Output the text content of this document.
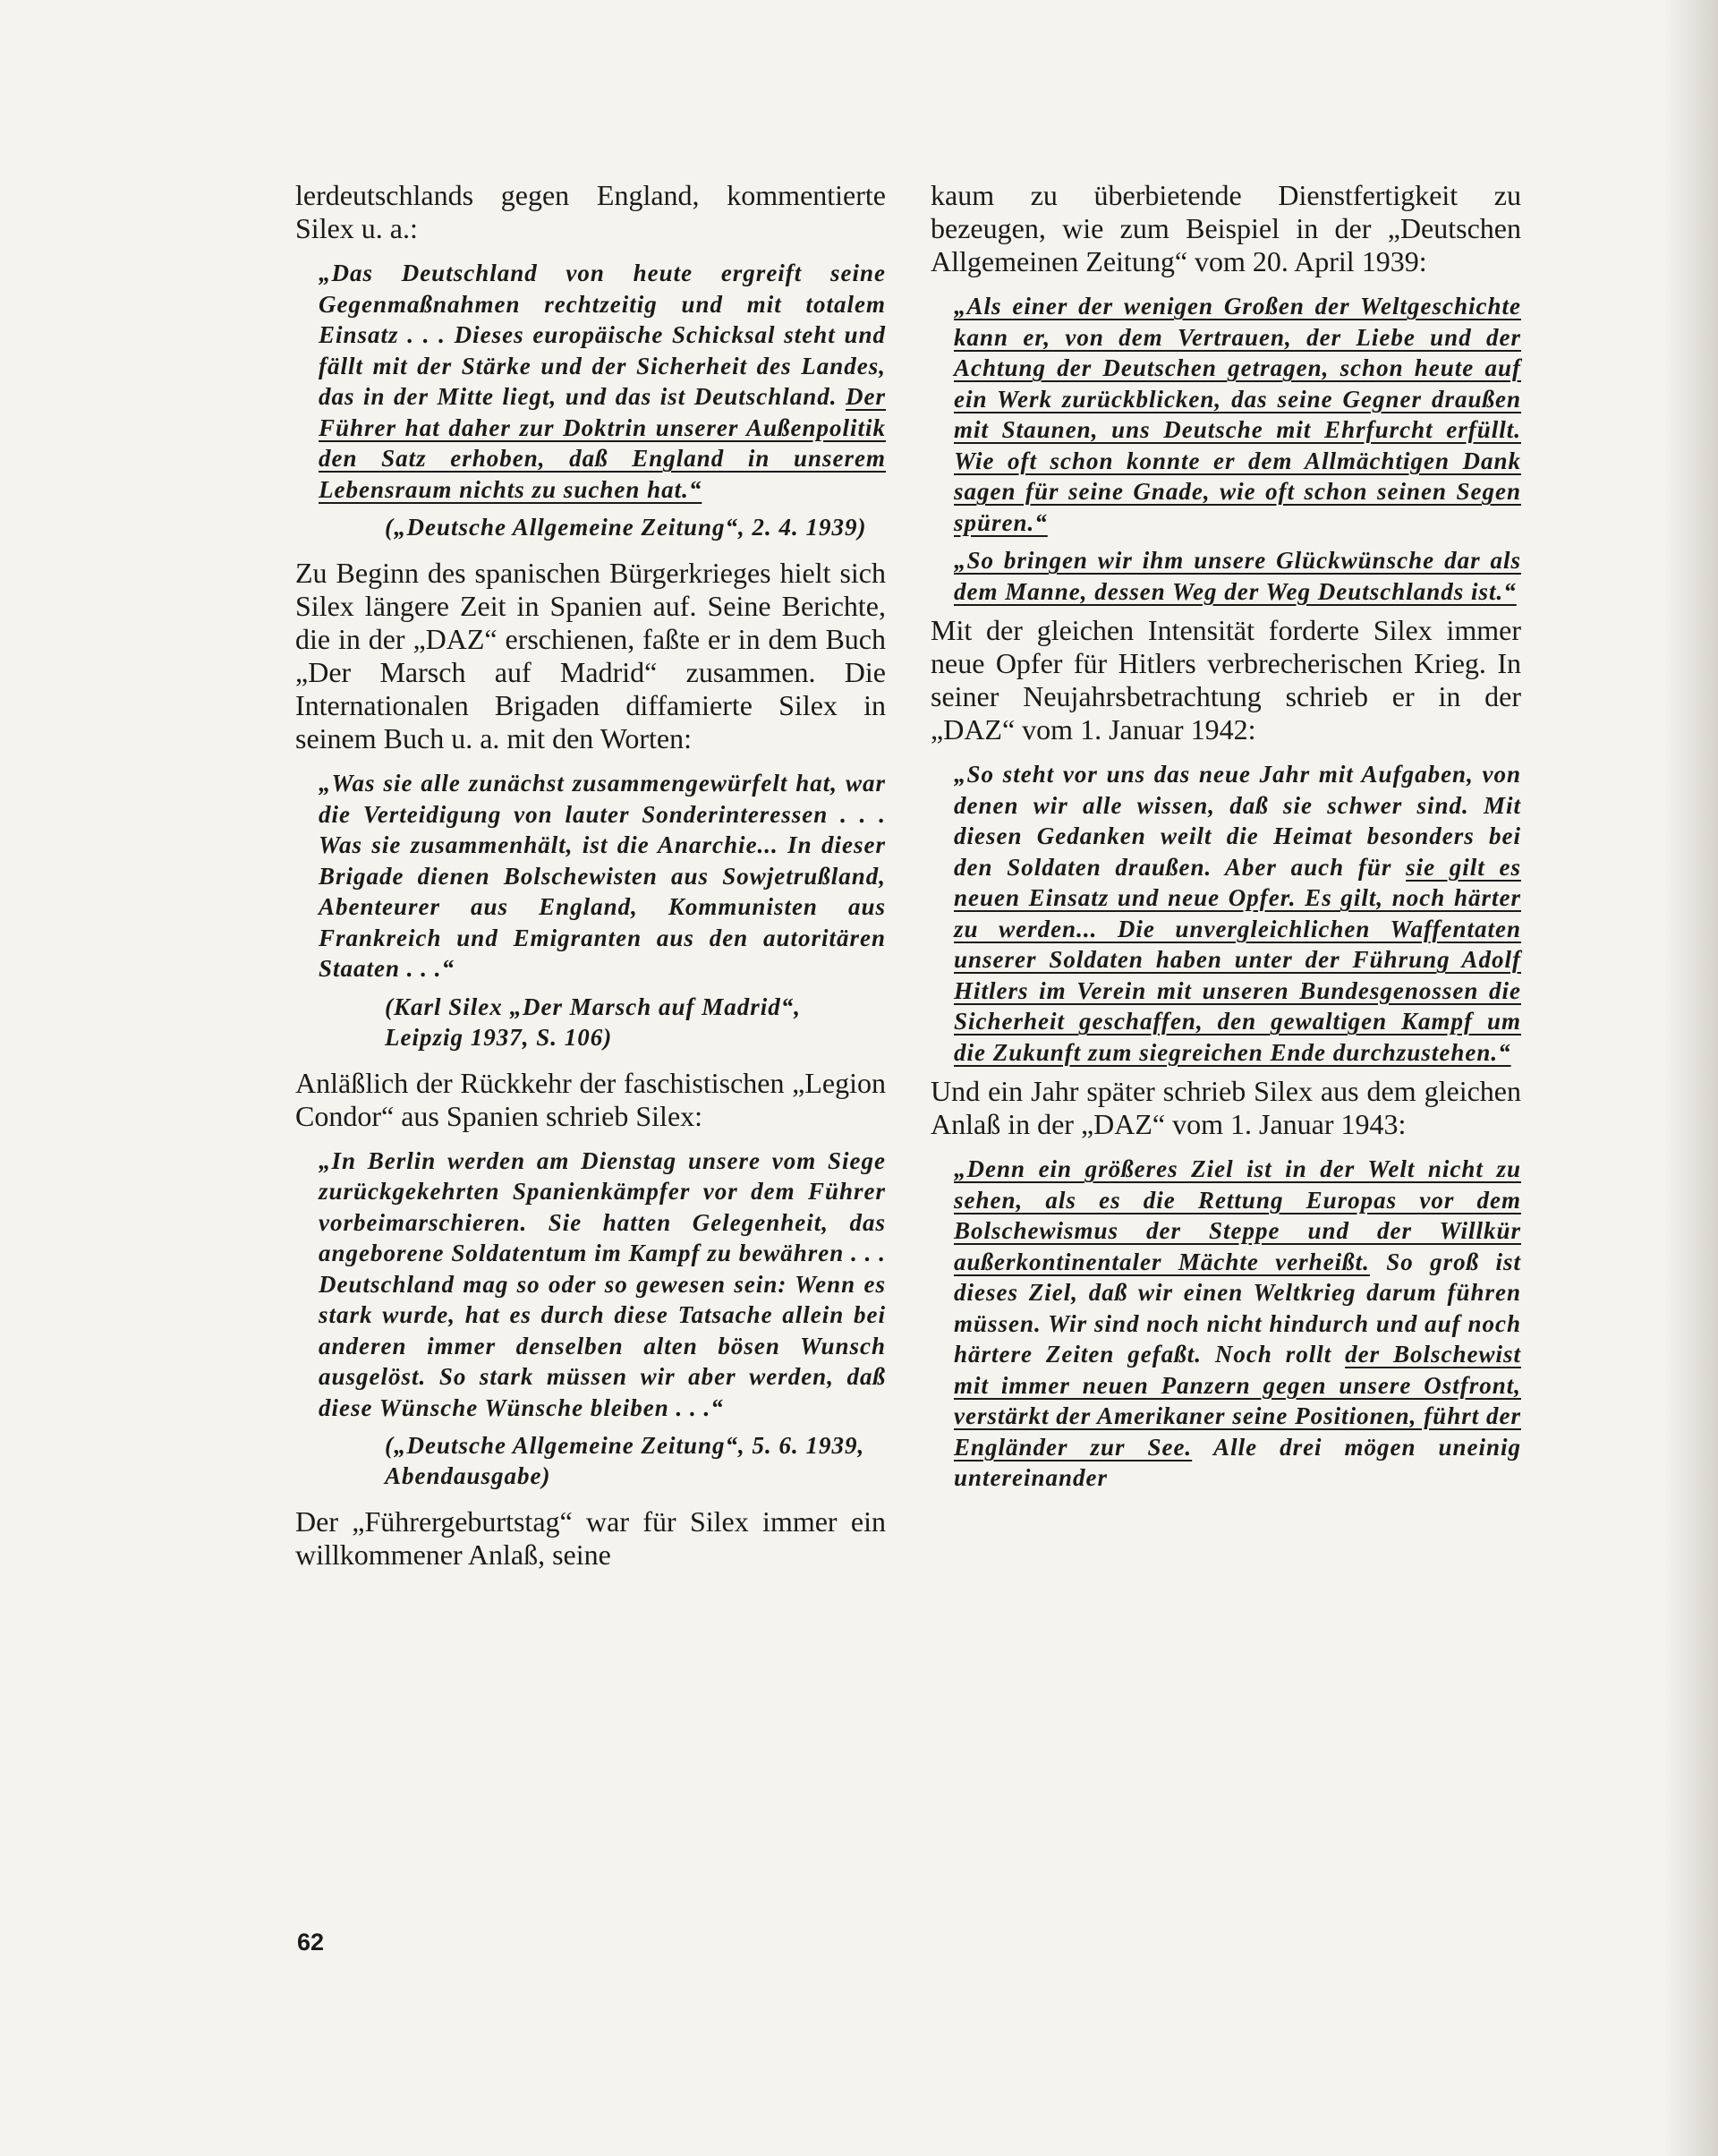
lerdeutschlands gegen England, kommentierte Silex u. a.:

„Das Deutschland von heute ergreift seine Gegenmaßnahmen rechtzeitig und mit totalem Einsatz . . . Dieses europäische Schicksal steht und fällt mit der Stärke und der Sicherheit des Landes, das in der Mitte liegt, und das ist Deutschland. Der Führer hat daher zur Doktrin unserer Außenpolitik den Satz erhoben, daß England in unserem Lebensraum nichts zu suchen hat.“

(„Deutsche Allgemeine Zeitung“, 2. 4. 1939)

Zu Beginn des spanischen Bürgerkrieges hielt sich Silex längere Zeit in Spanien auf. Seine Berichte, die in der „DAZ“ erschienen, faßte er in dem Buch „Der Marsch auf Madrid“ zusammen. Die Internationalen Brigaden diffamierte Silex in seinem Buch u. a. mit den Worten:

„Was sie alle zunächst zusammengewürfelt hat, war die Verteidigung von lauter Sonderinteressen . . . Was sie zusammenhält, ist die Anarchie... In dieser Brigade dienen Bolschewisten aus Sowjetrußland, Abenteurer aus England, Kommunisten aus Frankreich und Emigranten aus den autoritären Staaten . . .“

(Karl Silex „Der Marsch auf Madrid“, Leipzig 1937, S. 106)

Anläßlich der Rückkehr der faschistischen „Legion Condor“ aus Spanien schrieb Silex:

„In Berlin werden am Dienstag unsere vom Siege zurückgekehrten Spanienkämpfer vor dem Führer vorbeimarschieren. Sie hatten Gelegenheit, das angeborene Soldatentum im Kampf zu bewähren . . . Deutschland mag so oder so gewesen sein: Wenn es stark wurde, hat es durch diese Tatsache allein bei anderen immer denselben alten bösen Wunsch ausgelöst. So stark müssen wir aber werden, daß diese Wünsche Wünsche bleiben . . .“

(„Deutsche Allgemeine Zeitung“, 5. 6. 1939, Abendausgabe)

Der „Führergeburtstag“ war für Silex immer ein willkommener Anlaß, seine

kaum zu überbietende Dienstfertigkeit zu bezeugen, wie zum Beispiel in der „Deutschen Allgemeinen Zeitung“ vom 20. April 1939:

„Als einer der wenigen Großen der Weltgeschichte kann er, von dem Vertrauen, der Liebe und der Achtung der Deutschen getragen, schon heute auf ein Werk zurückblicken, das seine Gegner draußen mit Staunen, uns Deutsche mit Ehrfurcht erfüllt. Wie oft schon konnte er dem Allmächtigen Dank sagen für seine Gnade, wie oft schon seinen Segen spüren.“

„So bringen wir ihm unsere Glückwünsche dar als dem Manne, dessen Weg der Weg Deutschlands ist.“

Mit der gleichen Intensität forderte Silex immer neue Opfer für Hitlers verbrecherischen Krieg. In seiner Neujahrsbetrachtung schrieb er in der „DAZ“ vom 1. Januar 1942:

„So steht vor uns das neue Jahr mit Aufgaben, von denen wir alle wissen, daß sie schwer sind. Mit diesen Gedanken weilt die Heimat besonders bei den Soldaten draußen. Aber auch für sie gilt es neuen Einsatz und neue Opfer. Es gilt, noch härter zu werden... Die unvergleichlichen Waffentaten unserer Soldaten haben unter der Führung Adolf Hitlers im Verein mit unseren Bundesgenossen die Sicherheit geschaffen, den gewaltigen Kampf um die Zukunft zum siegreichen Ende durchzustehen.“

Und ein Jahr später schrieb Silex aus dem gleichen Anlaß in der „DAZ“ vom 1. Januar 1943:

„Denn ein größeres Ziel ist in der Welt nicht zu sehen, als es die Rettung Europas vor dem Bolschewismus der Steppe und der Willkür außerkontinentaler Mächte verheißt. So groß ist dieses Ziel, daß wir einen Weltkrieg darum führen müssen. Wir sind noch nicht hindurch und auf noch härtere Zeiten gefaßt. Noch rollt der Bolschewist mit immer neuen Panzern gegen unsere Ostfront, verstärkt der Amerikaner seine Positionen, führt der Engländer zur See. Alle drei mögen uneinig untereinander

62
